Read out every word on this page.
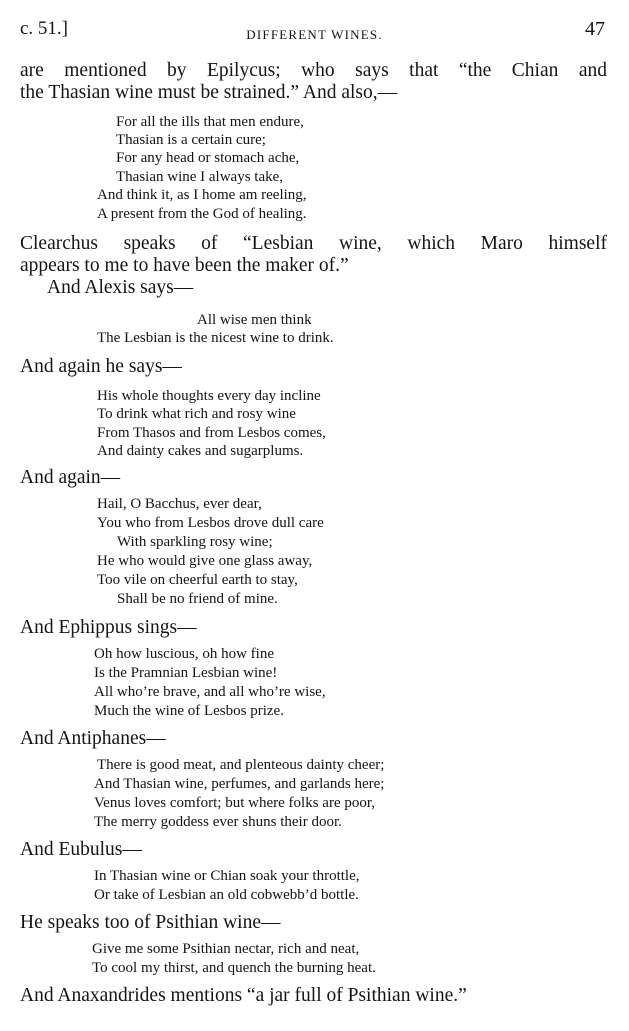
c. 51.]	DIFFERENT WINES.	47
are mentioned by Epilycus; who says that “the Chian and
the Thasian wine must be strained.” And also,—
For all the ills that men endure,
Thasian is a certain cure;
For any head or stomach ache,
Thasian wine I always take,
And think it, as I home am reeling,
A present from the God of healing.
Clearchus speaks of “Lesbian wine, which Maro himself
appears to me to have been the maker of.”
And Alexis says—
All wise men think
The Lesbian is the nicest wine to drink.
And again he says—
His whole thoughts every day incline
To drink what rich and rosy wine
From Thasos and from Lesbos comes,
And dainty cakes and sugarplums.
And again—
Hail, O Bacchus, ever dear,
You who from Lesbos drove dull care
With sparkling rosy wine;
He who would give one glass away,
Too vile on cheerful earth to stay,
Shall be no friend of mine.
And Ephippus sings—
Oh how luscious, oh how fine
Is the Pramnian Lesbian wine!
All who’re brave, and all who’re wise,
Much the wine of Lesbos prize.
And Antiphanes—
There is good meat, and plenteous dainty cheer;
And Thasian wine, perfumes, and garlands here;
Venus loves comfort; but where folks are poor,
The merry goddess ever shuns their door.
And Eubulus—
In Thasian wine or Chian soak your throttle,
Or take of Lesbian an old cobwebb’d bottle.
He speaks too of Psithian wine—
Give me some Psithian nectar, rich and neat,
To cool my thirst, and quench the burning heat.
And Anaxandrides mentions “a jar full of Psithian wine.”
